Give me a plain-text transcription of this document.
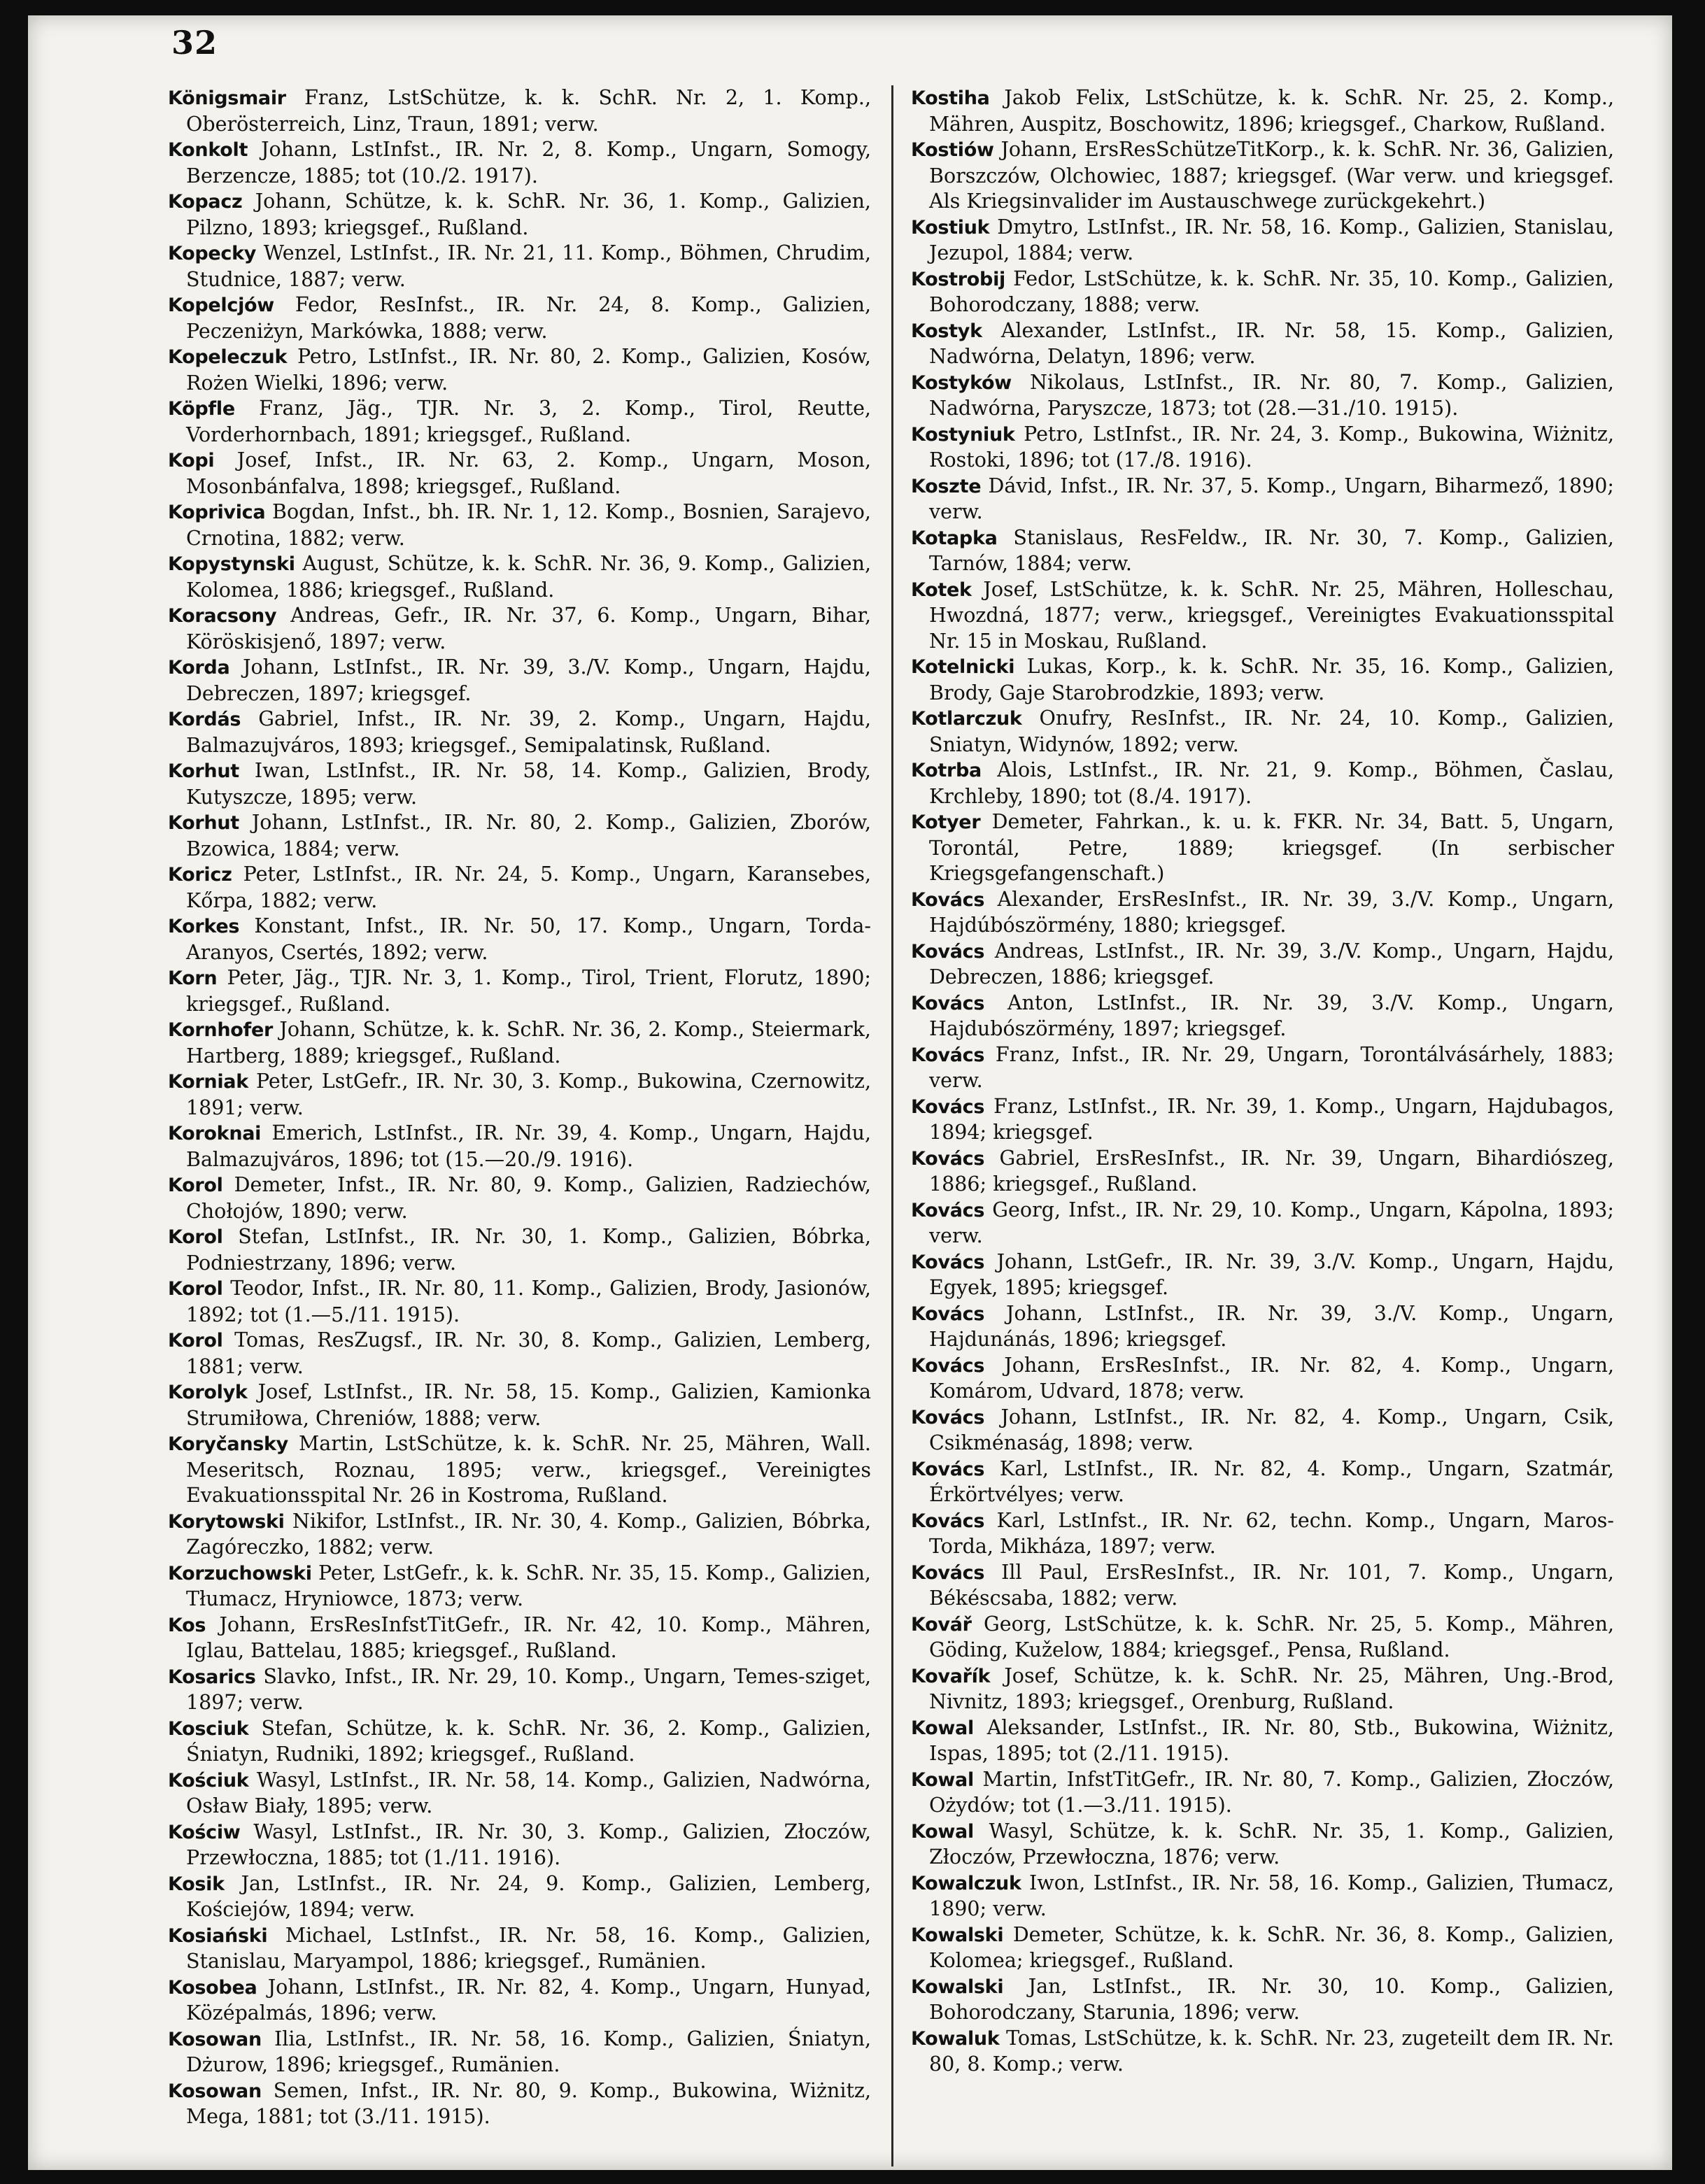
32
Königsmair Franz, LstSchütze, k. k. SchR. Nr. 2, 1. Komp., Oberösterreich, Linz, Traun, 1891; verw.
Konkolt Johann, LstInfst., IR. Nr. 2, 8. Komp., Ungarn, Somogy, Berzencze, 1885; tot (10./2. 1917).
Kopacz Johann, Schütze, k. k. SchR. Nr. 36, 1. Komp., Galizien, Pilzno, 1893; kriegsgef., Rußland.
Kopecky Wenzel, LstInfst., IR. Nr. 21, 11. Komp., Böhmen, Chrudim, Studnice, 1887; verw.
Kopelcjów Fedor, ResInfst., IR. Nr. 24, 8. Komp., Galizien, Peczeniżyn, Markówka, 1888; verw.
Kopeleczuk Petro, LstInfst., IR. Nr. 80, 2. Komp., Galizien, Kosów, Rożen Wielki, 1896; verw.
Köpfle Franz, Jäg., TJR. Nr. 3, 2. Komp., Tirol, Reutte, Vorderhornbach, 1891; kriegsgef., Rußland.
Kopi Josef, Infst., IR. Nr. 63, 2. Komp., Ungarn, Moson, Mosonbánfalva, 1898; kriegsgef., Rußland.
Koprivica Bogdan, Infst., bh. IR. Nr. 1, 12. Komp., Bosnien, Sarajevo, Crnotina, 1882; verw.
Kopystynski August, Schütze, k. k. SchR. Nr. 36, 9. Komp., Galizien, Kolomea, 1886; kriegsgef., Rußland.
Koracsony Andreas, Gefr., IR. Nr. 37, 6. Komp., Ungarn, Bihar, Köröskisjenő, 1897; verw.
Korda Johann, LstInfst., IR. Nr. 39, 3./V. Komp., Ungarn, Hajdu, Debreczen, 1897; kriegsgef.
Kordás Gabriel, Infst., IR. Nr. 39, 2. Komp., Ungarn, Hajdu, Balmazujváros, 1893; kriegsgef., Semipalatinsk, Rußland.
Korhut Iwan, LstInfst., IR. Nr. 58, 14. Komp., Galizien, Brody, Kutyszcze, 1895; verw.
Korhut Johann, LstInfst., IR. Nr. 80, 2. Komp., Galizien, Zborów, Bzowica, 1884; verw.
Koricz Peter, LstInfst., IR. Nr. 24, 5. Komp., Ungarn, Karansebes, Kőrpa, 1882; verw.
Korkes Konstant, Infst., IR. Nr. 50, 17. Komp., Ungarn, Torda-Aranyos, Csertés, 1892; verw.
Korn Peter, Jäg., TJR. Nr. 3, 1. Komp., Tirol, Trient, Florutz, 1890; kriegsgef., Rußland.
Kornhofer Johann, Schütze, k. k. SchR. Nr. 36, 2. Komp., Steiermark, Hartberg, 1889; kriegsgef., Rußland.
Korniak Peter, LstGefr., IR. Nr. 30, 3. Komp., Bukowina, Czernowitz, 1891; verw.
Koroknai Emerich, LstInfst., IR. Nr. 39, 4. Komp., Ungarn, Hajdu, Balmazujváros, 1896; tot (15.—20./9. 1916).
Korol Demeter, Infst., IR. Nr. 80, 9. Komp., Galizien, Radziechów, Chołojów, 1890; verw.
Korol Stefan, LstInfst., IR. Nr. 30, 1. Komp., Galizien, Bóbrka, Podniestrzany, 1896; verw.
Korol Teodor, Infst., IR. Nr. 80, 11. Komp., Galizien, Brody, Jasionów, 1892; tot (1.—5./11. 1915).
Korol Tomas, ResZugsf., IR. Nr. 30, 8. Komp., Galizien, Lemberg, 1881; verw.
Korolyk Josef, LstInfst., IR. Nr. 58, 15. Komp., Galizien, Kamionka Strumiłowa, Chreniów, 1888; verw.
Koryčansky Martin, LstSchütze, k. k. SchR. Nr. 25, Mähren, Wall. Meseritsch, Roznau, 1895; verw., kriegsgef., Vereinigtes Evakuationsspital Nr. 26 in Kostroma, Rußland.
Korytowski Nikifor, LstInfst., IR. Nr. 30, 4. Komp., Galizien, Bóbrka, Zagóreczko, 1882; verw.
Korzuchowski Peter, LstGefr., k. k. SchR. Nr. 35, 15. Komp., Galizien, Tłumacz, Hryniowce, 1873; verw.
Kos Johann, ErsResInfstTitGefr., IR. Nr. 42, 10. Komp., Mähren, Iglau, Battelau, 1885; kriegsgef., Rußland.
Kosarics Slavko, Infst., IR. Nr. 29, 10. Komp., Ungarn, Temes-sziget, 1897; verw.
Kosciuk Stefan, Schütze, k. k. SchR. Nr. 36, 2. Komp., Galizien, Śniatyn, Rudniki, 1892; kriegsgef., Rußland.
Kościuk Wasyl, LstInfst., IR. Nr. 58, 14. Komp., Galizien, Nadwórna, Osław Biały, 1895; verw.
Kościw Wasyl, LstInfst., IR. Nr. 30, 3. Komp., Galizien, Złoczów, Przewłoczna, 1885; tot (1./11. 1916).
Kosik Jan, LstInfst., IR. Nr. 24, 9. Komp., Galizien, Lemberg, Kościejów, 1894; verw.
Kosiański Michael, LstInfst., IR. Nr. 58, 16. Komp., Galizien, Stanislau, Maryampol, 1886; kriegsgef., Rumänien.
Kosobea Johann, LstInfst., IR. Nr. 82, 4. Komp., Ungarn, Hunyad, Középalmás, 1896; verw.
Kosowan Ilia, LstInfst., IR. Nr. 58, 16. Komp., Galizien, Śniatyn, Dżurow, 1896; kriegsgef., Rumänien.
Kosowan Semen, Infst., IR. Nr. 80, 9. Komp., Bukowina, Wiżnitz, Mega, 1881; tot (3./11. 1915).
Kostiha Jakob Felix, LstSchütze, k. k. SchR. Nr. 25, 2. Komp., Mähren, Auspitz, Boschowitz, 1896; kriegsgef., Charkow, Rußland.
Kostiów Johann, ErsResSchützeTitKorp., k. k. SchR. Nr. 36, Galizien, Borszczów, Olchowiec, 1887; kriegsgef. (War verw. und kriegsgef. Als Kriegsinvalider im Austauschwege zurückgekehrt.)
Kostiuk Dmytro, LstInfst., IR. Nr. 58, 16. Komp., Galizien, Stanislau, Jezupol, 1884; verw.
Kostrobij Fedor, LstSchütze, k. k. SchR. Nr. 35, 10. Komp., Galizien, Bohorodczany, 1888; verw.
Kostyk Alexander, LstInfst., IR. Nr. 58, 15. Komp., Galizien, Nadwórna, Delatyn, 1896; verw.
Kostyków Nikolaus, LstInfst., IR. Nr. 80, 7. Komp., Galizien, Nadwórna, Paryszcze, 1873; tot (28.—31./10. 1915).
Kostyniuk Petro, LstInfst., IR. Nr. 24, 3. Komp., Bukowina, Wiżnitz, Rostoki, 1896; tot (17./8. 1916).
Koszte Dávid, Infst., IR. Nr. 37, 5. Komp., Ungarn, Biharmező, 1890; verw.
Kotapka Stanislaus, ResFeldw., IR. Nr. 30, 7. Komp., Galizien, Tarnów, 1884; verw.
Kotek Josef, LstSchütze, k. k. SchR. Nr. 25, Mähren, Holleschau, Hwozdná, 1877; verw., kriegsgef., Vereinigtes Evakuationsspital Nr. 15 in Moskau, Rußland.
Kotelnicki Lukas, Korp., k. k. SchR. Nr. 35, 16. Komp., Galizien, Brody, Gaje Starobrodzkie, 1893; verw.
Kotlarczuk Onufry, ResInfst., IR. Nr. 24, 10. Komp., Galizien, Sniatyn, Widynów, 1892; verw.
Kotrba Alois, LstInfst., IR. Nr. 21, 9. Komp., Böhmen, Časlau, Krchleby, 1890; tot (8./4. 1917).
Kotyer Demeter, Fahrkan., k. u. k. FKR. Nr. 34, Batt. 5, Ungarn, Torontál, Petre, 1889; kriegsgef. (In serbischer Kriegsgefangenschaft.)
Kovács Alexander, ErsResInfst., IR. Nr. 39, 3./V. Komp., Ungarn, Hajdúbószörmény, 1880; kriegsgef.
Kovács Andreas, LstInfst., IR. Nr. 39, 3./V. Komp., Ungarn, Hajdu, Debreczen, 1886; kriegsgef.
Kovács Anton, LstInfst., IR. Nr. 39, 3./V. Komp., Ungarn, Hajdubószörmény, 1897; kriegsgef.
Kovács Franz, Infst., IR. Nr. 29, Ungarn, Torontálvásárhely, 1883; verw.
Kovács Franz, LstInfst., IR. Nr. 39, 1. Komp., Ungarn, Hajdubagos, 1894; kriegsgef.
Kovács Gabriel, ErsResInfst., IR. Nr. 39, Ungarn, Bihardiószeg, 1886; kriegsgef., Rußland.
Kovács Georg, Infst., IR. Nr. 29, 10. Komp., Ungarn, Kápolna, 1893; verw.
Kovács Johann, LstGefr., IR. Nr. 39, 3./V. Komp., Ungarn, Hajdu, Egyek, 1895; kriegsgef.
Kovács Johann, LstInfst., IR. Nr. 39, 3./V. Komp., Ungarn, Hajdunánás, 1896; kriegsgef.
Kovács Johann, ErsResInfst., IR. Nr. 82, 4. Komp., Ungarn, Komárom, Udvard, 1878; verw.
Kovács Johann, LstInfst., IR. Nr. 82, 4. Komp., Ungarn, Csik, Csikménaság, 1898; verw.
Kovács Karl, LstInfst., IR. Nr. 82, 4. Komp., Ungarn, Szatmár, Érkörtvélyes; verw.
Kovács Karl, LstInfst., IR. Nr. 62, techn. Komp., Ungarn, Maros-Torda, Mikháza, 1897; verw.
Kovács Ill Paul, ErsResInfst., IR. Nr. 101, 7. Komp., Ungarn, Békéscsaba, 1882; verw.
Kovář Georg, LstSchütze, k. k. SchR. Nr. 25, 5. Komp., Mähren, Göding, Kuželow, 1884; kriegsgef., Pensa, Rußland.
Kovařík Josef, Schütze, k. k. SchR. Nr. 25, Mähren, Ung.-Brod, Nivnitz, 1893; kriegsgef., Orenburg, Rußland.
Kowal Aleksander, LstInfst., IR. Nr. 80, Stb., Bukowina, Wiżnitz, Ispas, 1895; tot (2./11. 1915).
Kowal Martin, InfstTitGefr., IR. Nr. 80, 7. Komp., Galizien, Złoczów, Ożydów; tot (1.—3./11. 1915).
Kowal Wasyl, Schütze, k. k. SchR. Nr. 35, 1. Komp., Galizien, Złoczów, Przewłoczna, 1876; verw.
Kowalczuk Iwon, LstInfst., IR. Nr. 58, 16. Komp., Galizien, Tłumacz, 1890; verw.
Kowalski Demeter, Schütze, k. k. SchR. Nr. 36, 8. Komp., Galizien, Kolomea; kriegsgef., Rußland.
Kowalski Jan, LstInfst., IR. Nr. 30, 10. Komp., Galizien, Bohorodczany, Starunia, 1896; verw.
Kowaluk Tomas, LstSchütze, k. k. SchR. Nr. 23, zugeteilt dem IR. Nr. 80, 8. Komp.; verw.
